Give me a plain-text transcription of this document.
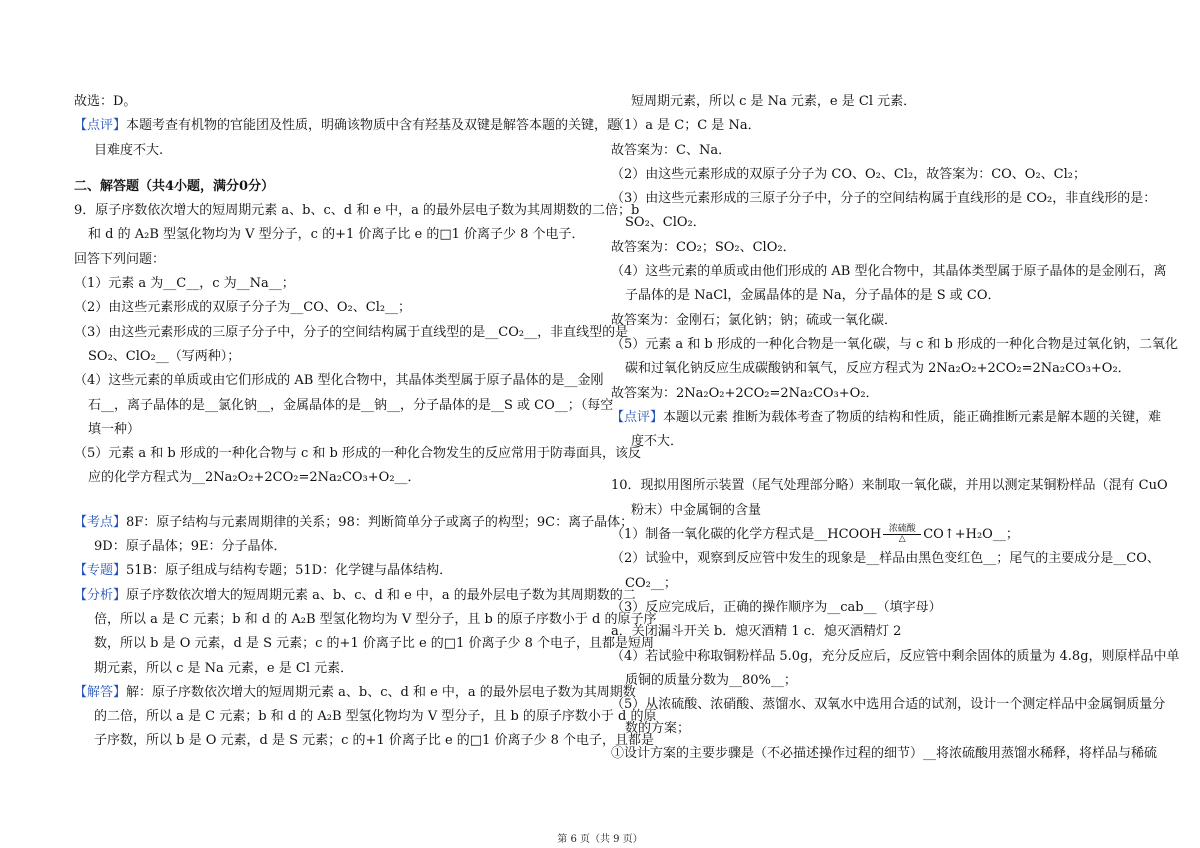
故选：D。

【点评】本题考查有机物的官能团及性质，明确该物质中含有羟基及双键是解答本题的关键，题

目难度不大.

二、解答题（共4小题，满分0分）

9．原子序数依次增大的短周期元素 a、b、c、d 和 e 中，a 的最外层电子数为其周期数的二倍；b

和 d 的 A₂B 型氢化物均为 V 型分子，c 的+1 价离子比 e 的□1 价离子少 8 个电子．

回答下列问题：

（1）元素 a 为__C__，c 为__Na__；

（2）由这些元素形成的双原子分子为__CO、O₂、Cl₂__；

（3）由这些元素形成的三原子分子中，分子的空间结构属于直线型的是__CO₂__，非直线型的是

SO₂、ClO₂__（写两种）；

（4）这些元素的单质或由它们形成的 AB 型化合物中，其晶体类型属于原子晶体的是__金刚

石__，离子晶体的是__氯化钠__，金属晶体的是__钠__，分子晶体的是__S 或 CO__；（每空

填一种）

（5）元素 a 和 b 形成的一种化合物与 c 和 b 形成的一种化合物发生的反应常用于防毒面具，该反

应的化学方程式为__2Na₂O₂+2CO₂=2Na₂CO₃+O₂__．

【考点】8F：原子结构与元素周期律的关系；98：判断简单分子或离子的构型；9C：离子晶体；

9D：原子晶体；9E：分子晶体．

【专题】51B：原子组成与结构专题；51D：化学键与晶体结构．

【分析】原子序数依次增大的短周期元素 a、b、c、d 和 e 中，a 的最外层电子数为其周期数的二

倍，所以 a 是 C 元素；b 和 d 的 A₂B 型氢化物均为 V 型分子，且 b 的原子序数小于 d 的原子序

数，所以 b 是 O 元素，d 是 S 元素；c 的+1 价离子比 e 的□1 价离子少 8 个电子，且都是短周

期元素，所以 c 是 Na 元素，e 是 Cl 元素．

【解答】解：原子序数依次增大的短周期元素 a、b、c、d 和 e 中，a 的最外层电子数为其周期数

的二倍，所以 a 是 C 元素；b 和 d 的 A₂B 型氢化物均为 V 型分子，且 b 的原子序数小于 d 的原

子序数，所以 b 是 O 元素，d 是 S 元素；c 的+1 价离子比 e 的□1 价离子少 8 个电子，且都是

短周期元素，所以 c 是 Na 元素，e 是 Cl 元素．

（1）a 是 C；C 是 Na．

故答案为：C、Na．

（2）由这些元素形成的双原子分子为 CO、O₂、Cl₂，故答案为：CO、O₂、Cl₂；

（3）由这些元素形成的三原子分子中，分子的空间结构属于直线形的是 CO₂，非直线形的是：

SO₂、ClO₂．

故答案为：CO₂；SO₂、ClO₂．

（4）这些元素的单质或由他们形成的 AB 型化合物中，其晶体类型属于原子晶体的是金刚石，离

子晶体的是 NaCl，金属晶体的是 Na，分子晶体的是 S 或 CO．

故答案为：金刚石；氯化钠；钠；硫或一氧化碳．

（5）元素 a 和 b 形成的一种化合物是一氧化碳，与 c 和 b 形成的一种化合物是过氧化钠，二氧化

碳和过氧化钠反应生成碳酸钠和氧气，反应方程式为 2Na₂O₂+2CO₂=2Na₂CO₃+O₂．

故答案为：2Na₂O₂+2CO₂=2Na₂CO₃+O₂．

【点评】本题以元素 推断为载体考查了物质的结构和性质，能正确推断元素是解本题的关键，难

度不大．

10．现拟用图所示装置（尾气处理部分略）来制取一氧化碳，并用以测定某铜粉样品（混有 CuO

粉末）中金属铜的含量

（1）制备一氧化碳的化学方程式是__HCOOH 浓硫酸
△	CO↑+H₂O__；

（2）试验中，观察到反应管中发生的现象是__样品由黑色变红色__；尾气的主要成分是__CO、

CO₂__；

（3）反应完成后，正确的操作顺序为__cab__（填字母）

a．关闭漏斗开关 b．熄灭酒精 1 c．熄灭酒精灯 2

（4）若试验中称取铜粉样品 5.0g，充分反应后，反应管中剩余固体的质量为 4.8g，则原样品中单

质铜的质量分数为__80%__；

（5）从浓硫酸、浓硝酸、蒸馏水、双氧水中选用合适的试剂，设计一个测定样品中金属铜质量分

数的方案；

①设计方案的主要步骤是（不必描述操作过程的细节）__将浓硫酸用蒸馏水稀释，将样品与稀硫

第 6 页（共 9 页）
